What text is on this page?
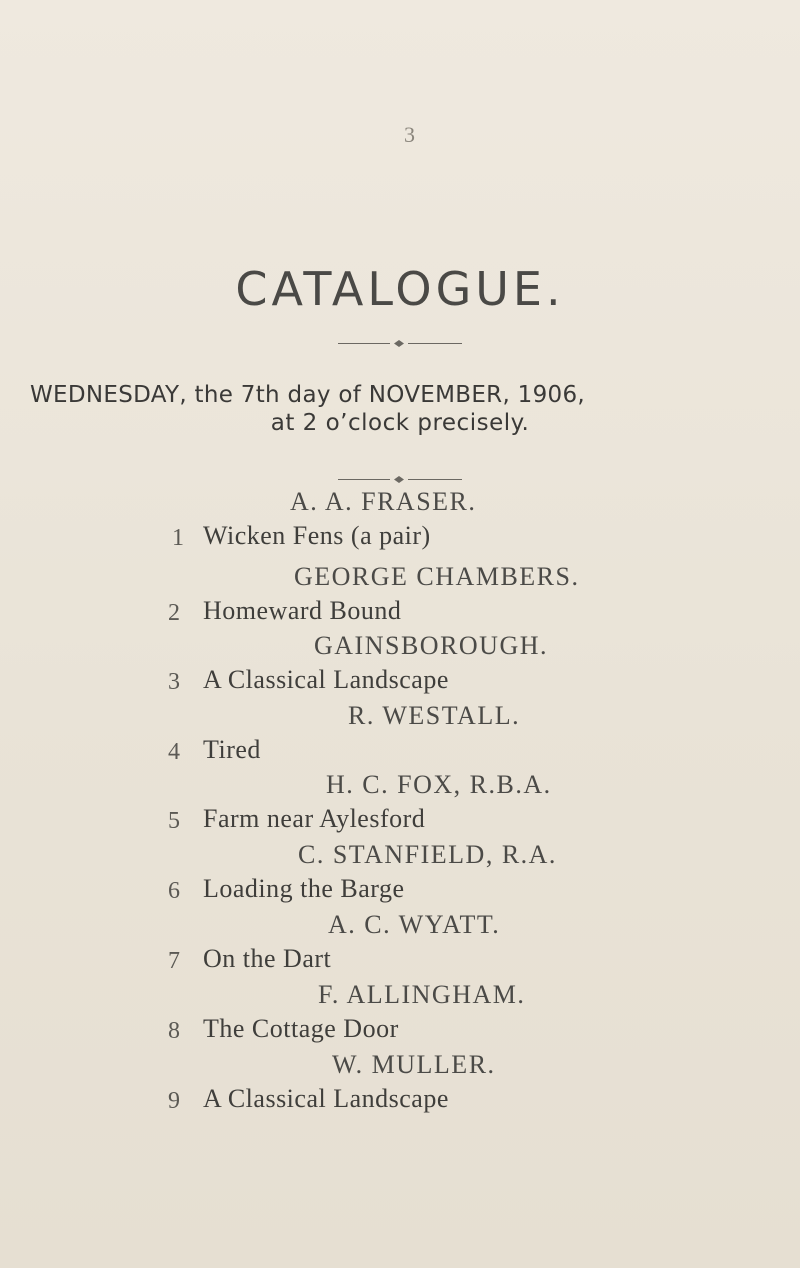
3
CATALOGUE.
WEDNESDAY, the 7th day of NOVEMBER, 1906,
at 2 o’clock precisely.
A. A. FRASER.
1 Wicken Fens (a pair)
GEORGE CHAMBERS.
2 Homeward Bound
GAINSBOROUGH.
3 A Classical Landscape
R. WESTALL.
4 Tired
H. C. FOX, R.B.A.
5 Farm near Aylesford
C. STANFIELD, R.A.
6 Loading the Barge
A. C. WYATT.
7 On the Dart
F. ALLINGHAM.
8 The Cottage Door
W. MULLER.
9 A Classical Landscape
